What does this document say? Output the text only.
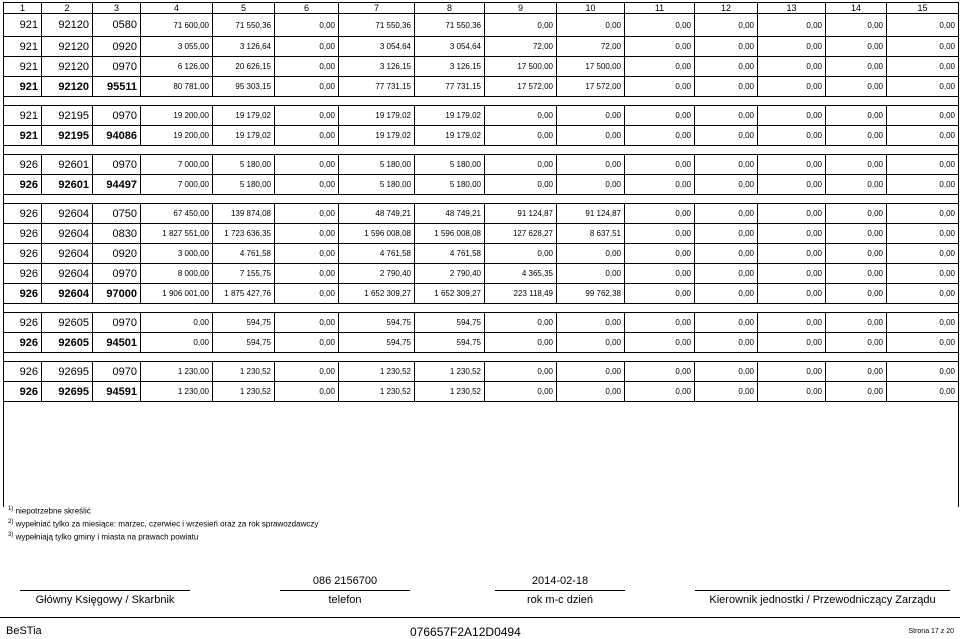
1	2	3	4	5	6	7	8	9	10	11	12	13	14	15
921	92120	0580	71 600,00	71 550,36	0,00	71 550,36	71 550,36	0,00	0,00	0,00	0,00	0,00	0,00	0,00
921	92120	0920	3 055,00	3 126,64	0,00	3 054,64	3 054,64	72,00	72,00	0,00	0,00	0,00	0,00	0,00
921	92120	0970	6 126,00	20 626,15	0,00	3 126,15	3 126,15	17 500,00	17 500,00	0,00	0,00	0,00	0,00	0,00
921	92120	95511	80 781,00	95 303,15	0,00	77 731,15	77 731,15	17 572,00	17 572,00	0,00	0,00	0,00	0,00	0,00

921	92195	0970	19 200,00	19 179,02	0,00	19 179,02	19 179,02	0,00	0,00	0,00	0,00	0,00	0,00	0,00
921	92195	94086	19 200,00	19 179,02	0,00	19 179,02	19 179,02	0,00	0,00	0,00	0,00	0,00	0,00	0,00

926	92601	0970	7 000,00	5 180,00	0,00	5 180,00	5 180,00	0,00	0,00	0,00	0,00	0,00	0,00	0,00
926	92601	94497	7 000,00	5 180,00	0,00	5 180,00	5 180,00	0,00	0,00	0,00	0,00	0,00	0,00	0,00

926	92604	0750	67 450,00	139 874,08	0,00	48 749,21	48 749,21	91 124,87	91 124,87	0,00	0,00	0,00	0,00	0,00
926	92604	0830	1 827 551,00	1 723 636,35	0,00	1 596 008,08	1 596 008,08	127 628,27	8 637,51	0,00	0,00	0,00	0,00	0,00
926	92604	0920	3 000,00	4 761,58	0,00	4 761,58	4 761,58	0,00	0,00	0,00	0,00	0,00	0,00	0,00
926	92604	0970	8 000,00	7 155,75	0,00	2 790,40	2 790,40	4 365,35	0,00	0,00	0,00	0,00	0,00	0,00
926	92604	97000	1 906 001,00	1 875 427,76	0,00	1 652 309,27	1 652 309,27	223 118,49	99 762,38	0,00	0,00	0,00	0,00	0,00

926	92605	0970	0,00	594,75	0,00	594,75	594,75	0,00	0,00	0,00	0,00	0,00	0,00	0,00
926	92605	94501	0,00	594,75	0,00	594,75	594,75	0,00	0,00	0,00	0,00	0,00	0,00	0,00

926	92695	0970	1 230,00	1 230,52	0,00	1 230,52	1 230,52	0,00	0,00	0,00	0,00	0,00	0,00	0,00
926	92695	94591	1 230,00	1 230,52	0,00	1 230,52	1 230,52	0,00	0,00	0,00	0,00	0,00	0,00	0,00

$^{1)}$ niepotrzebne skreślić
$^{2)}$ wypełniać tylko za miesiące: marzec, czerwiec i wrzesień oraz za rok sprawozdawczy
$^{3)}$ wypełniają tylko gminy i miasta na prawach powiatu
Główny Księgowy / Skarbnik
086 2156700
telefon
2014-02-18
rok m-c dzień	Kierownik jednostki / Przewodniczący Zarządu
BeSTia	076657F2A12D0494	Strona 17 z 20
